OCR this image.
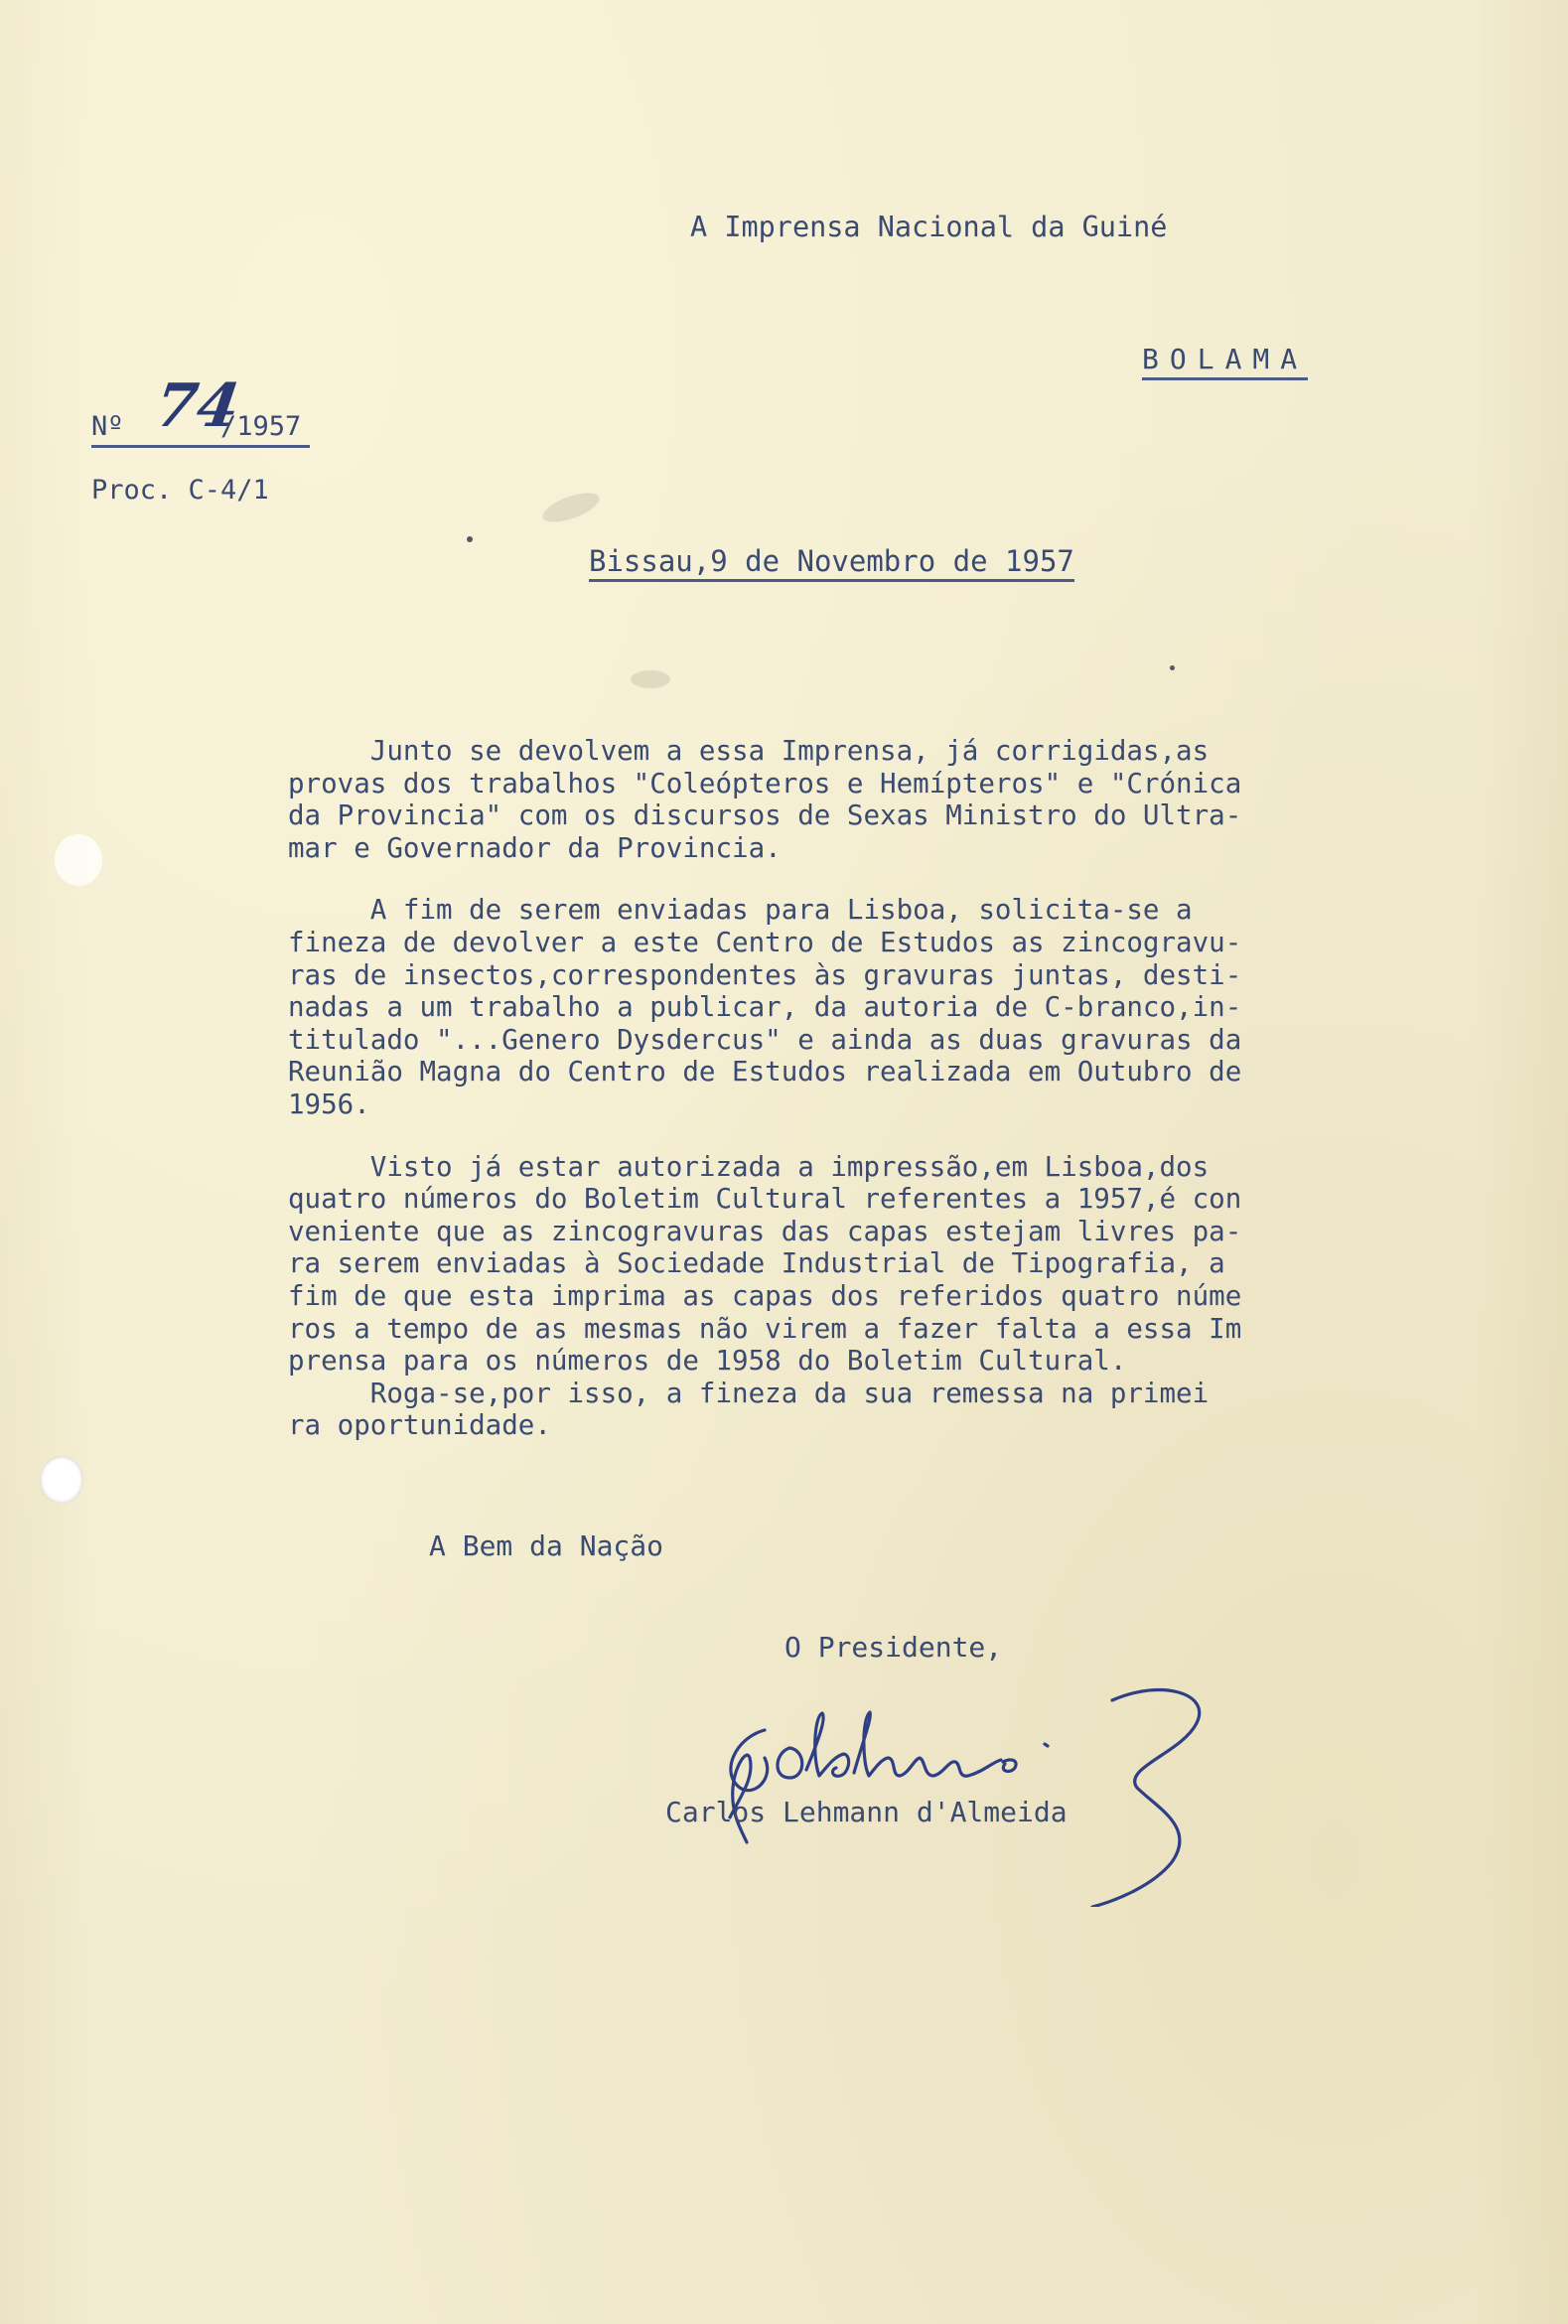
A Imprensa Nacional da Guiné
BOLAMA
Nº 74
/1957
Proc. C-4/1
Bissau,9 de Novembro de 1957
Junto se devolvem a essa Imprensa, já corrigidas,as
provas dos trabalhos "Coleópteros e Hemípteros" e "Crónica
da Provincia" com os discursos de Sexas Ministro do Ultra-
mar e Governador da Provincia.
A fim de serem enviadas para Lisboa, solicita-se a
fineza de devolver a este Centro de Estudos as zincogravu-
ras de insectos,correspondentes às gravuras juntas, desti-
nadas a um trabalho a publicar, da autoria de C-branco,in-
titulado "...Genero Dysdercus" e ainda as duas gravuras da
Reunião Magna do Centro de Estudos realizada em Outubro de
1956.
Visto já estar autorizada a impressão,em Lisboa,dos
quatro números do Boletim Cultural referentes a 1957,é con
veniente que as zincogravuras das capas estejam livres pa-
ra serem enviadas à Sociedade Industrial de Tipografia, a
fim de que esta imprima as capas dos referidos quatro núme
ros a tempo de as mesmas não virem a fazer falta a essa Im
prensa para os números de 1958 do Boletim Cultural.
Roga-se,por isso, a fineza da sua remessa na primei
ra oportunidade.
A Bem da Nação
O Presidente,
Carlos Lehmann d'Almeida
